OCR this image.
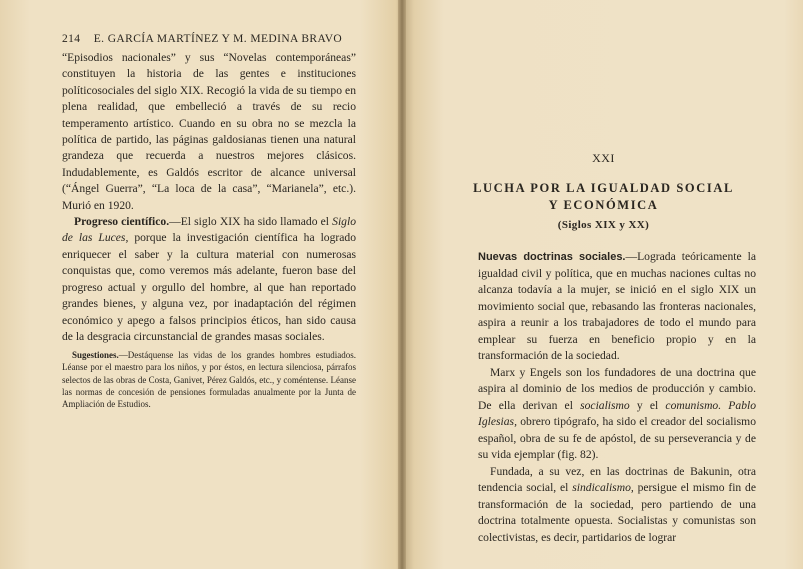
214 E. GARCÍA MARTÍNEZ Y M. MEDINA BRAVO

“Episodios nacionales” y sus “Novelas contemporáneas” constituyen la historia de las gentes e instituciones políticosociales del siglo XIX. Recogió la vida de su tiempo en plena realidad, que embelleció a través de su recio temperamento artístico. Cuando en su obra no se mezcla la política de partido, las páginas galdosianas tienen una natural grandeza que recuerda a nuestros mejores clásicos. Indudablemente, es Galdós escritor de alcance universal (“Ángel Guerra”, “La loca de la casa”, “Marianela”, etc.). Murió en 1920.

Progreso científico.—El siglo XIX ha sido llamado el Siglo de las Luces, porque la investigación científica ha logrado enriquecer el saber y la cultura material con numerosas conquistas que, como veremos más adelante, fueron base del progreso actual y orgullo del hombre, al que han reportado grandes bienes, y alguna vez, por inadaptación del régimen económico y apego a falsos principios éticos, han sido causa de la desgracia circunstancial de grandes masas sociales.

Sugestiones.—Destáquense las vidas de los grandes hombres estudiados. Léanse por el maestro para los niños, y por éstos, en lectura silenciosa, párrafos selectos de las obras de Costa, Ganivet, Pérez Galdós, etc., y coméntense. Léanse las normas de concesión de pensiones formuladas anualmente por la Junta de Ampliación de Estudios.
XXI
LUCHA POR LA IGUALDAD SOCIAL
Y ECONÓMICA
(Siglos XIX y XX)

Nuevas doctrinas sociales.—Lograda teóricamente la igualdad civil y política, que en muchas naciones cultas no alcanza todavía a la mujer, se inició en el siglo XIX un movimiento social que, rebasando las fronteras nacionales, aspira a reunir a los trabajadores de todo el mundo para emplear su fuerza en beneficio propio y en la transformación de la sociedad.

Marx y Engels son los fundadores de una doctrina que aspira al dominio de los medios de producción y cambio. De ella derivan el socialismo y el comunismo. Pablo Iglesias, obrero tipógrafo, ha sido el creador del socialismo español, obra de su fe de apóstol, de su perseverancia y de su vida ejemplar (fig. 82).

Fundada, a su vez, en las doctrinas de Bakunin, otra tendencia social, el sindicalismo, persigue el mismo fin de transformación de la sociedad, pero partiendo de una doctrina totalmente opuesta. Socialistas y comunistas son colectivistas, es decir, partidarios de lograr
